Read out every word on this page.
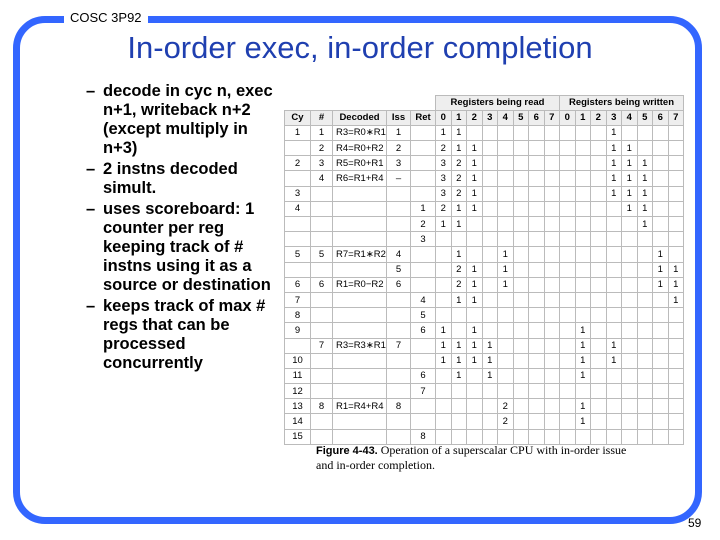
COSC 3P92
In-order exec, in-order completion
– decode in cyc n, exec n+1, writeback n+2 (except multiply in n+3)
– 2 instns decoded simult.
– uses scoreboard: 1 counter per reg keeping track of # instns using it as a source or destination
– keeps track of max # regs that can be processed concurrently
					Registers being read								Registers being written							
Cy	#	Decoded	Iss	Ret	0	1	2	3	4	5	6	7	0	1	2	3	4	5	6	7
1	1	R3=R0∗R1	1		1	1										1				
	2	R4=R0+R2	2		2	1	1									1	1			
2	3	R5=R0+R1	3		3	2	1									1	1	1		
	4	R6=R1+R4	–		3	2	1									1	1	1		
3					3	2	1									1	1	1		
4				1	2	1	1										1	1		
				2	1	1												1		
				3																
5	5	R7=R1∗R2	4			1			1										1	
			5			2	1		1										1	1
6	6	R1=R0−R2	6			2	1		1										1	1
7				4		1	1													1
8				5																
9				6	1		1							1						
	7	R3=R3∗R1	7		1	1	1	1						1		1				
10					1	1	1	1						1		1				
11				6		1		1						1						
12				7																
13	8	R1=R4+R4	8						2					1						
14									2					1						
15				8																
Figure 4-43. Operation of a superscalar CPU with in-order issue and in-order completion.
59
